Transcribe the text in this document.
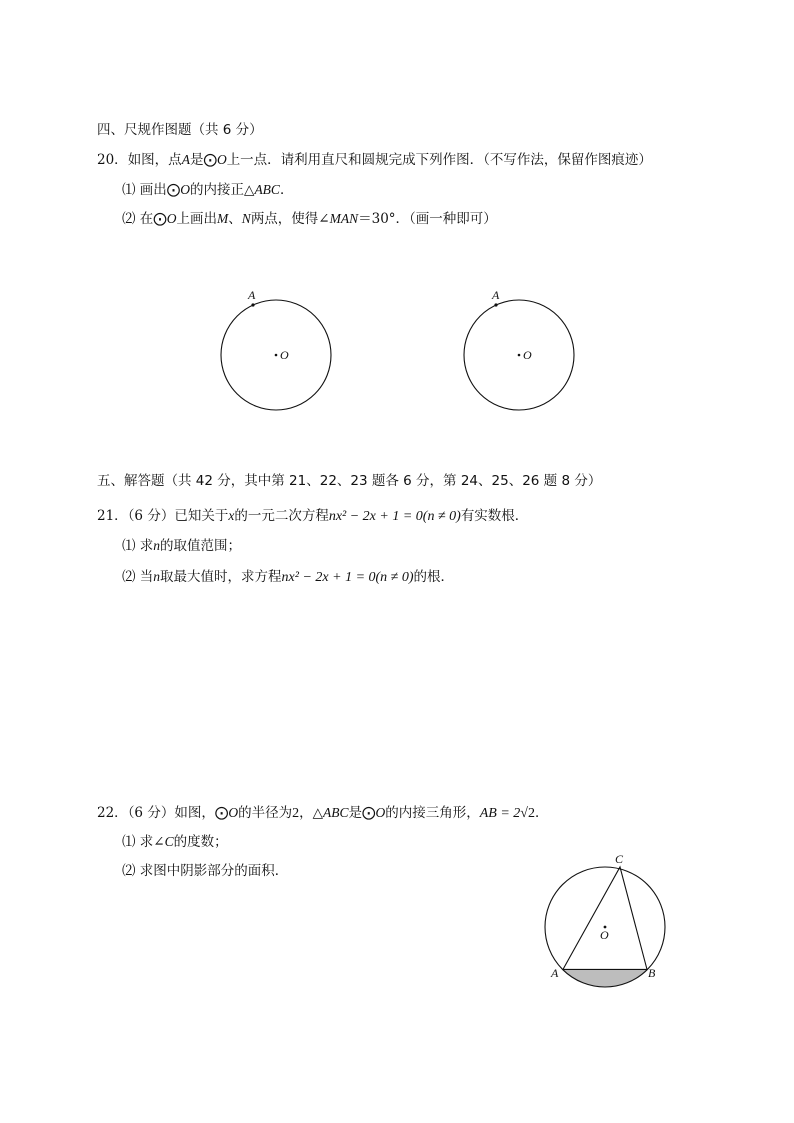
四、尺规作图题（共 6 分）
20．如图，点A是⨀O上一点．请利用直尺和圆规完成下列作图．（不写作法，保留作图痕迹）
⑴ 画出⨀O的内接正△ABC．
⑵ 在⨀O上画出M、N两点，使得∠MAN＝30°．（画一种即可）
A
O
A
O
五、解答题（共 42 分，其中第 21、22、23 题各 6 分，第 24、25、26 题 8 分）
21．（6 分）已知关于x的一元二次方程nx² − 2x + 1 = 0(n ≠ 0)有实数根．
⑴ 求n的取值范围；
⑵ 当n取最大值时，求方程nx² − 2x + 1 = 0(n ≠ 0)的根．
22．（6 分）如图，⨀O的半径为2，△ABC是⨀O的内接三角形，AB = 2√2．
⑴ 求∠C的度数；
⑵ 求图中阴影部分的面积．
O
C
A	B
